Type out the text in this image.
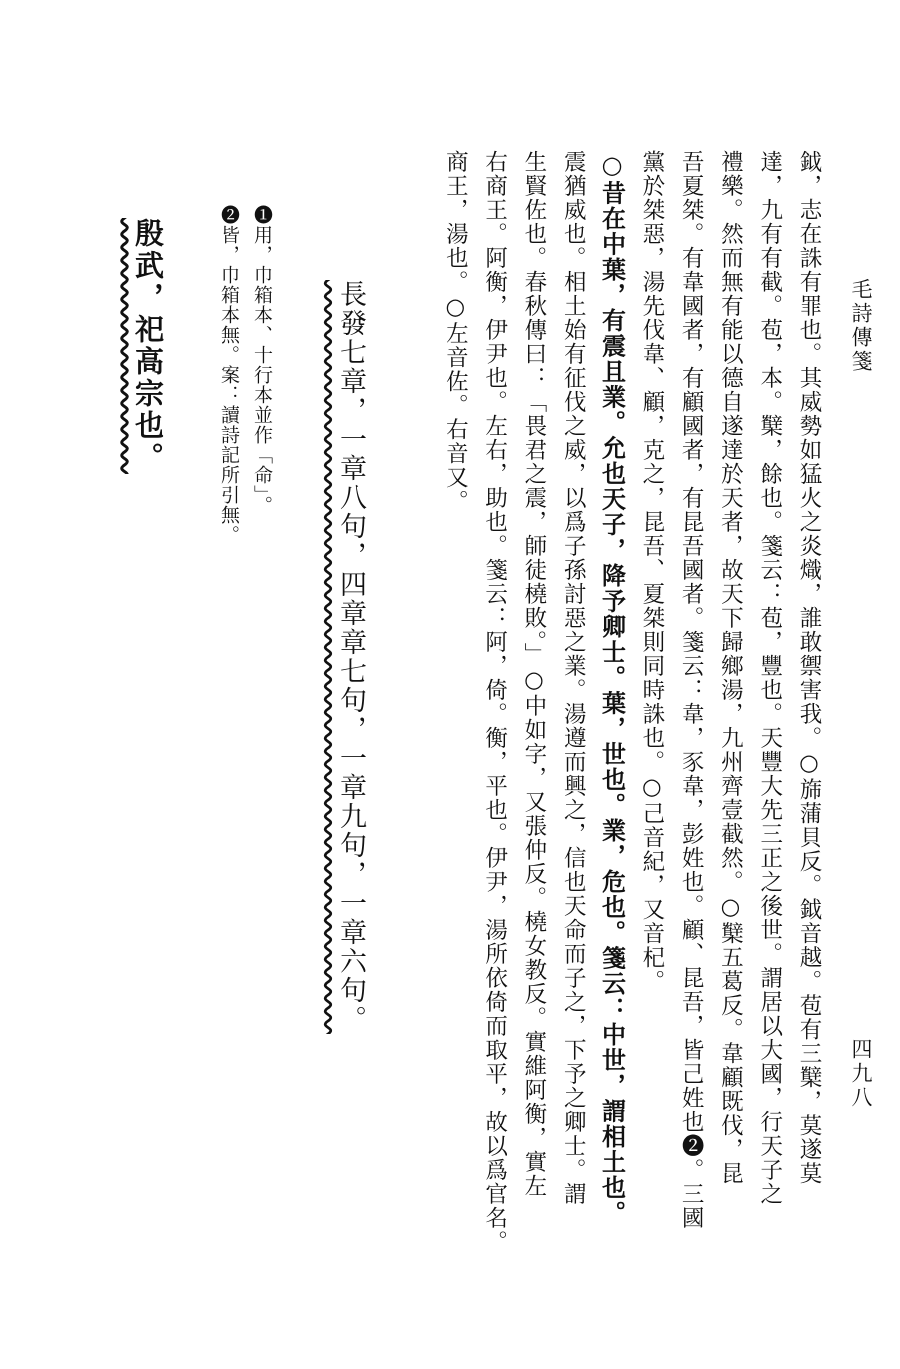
毛詩傳箋
四九八
鉞，志在誅有罪也。其威勢如猛火之炎熾，誰敢禦害我。○旆蒲貝反。鉞音越。苞有三櫱，莫遂莫
達，九有有截。苞，本。櫱，餘也。箋云：苞，豐也。天豐大先三正之後世。謂居以大國，行天子之
禮樂。然而無有能以德自遂達於天者，故天下歸鄉湯，九州齊壹截然。○櫱五葛反。韋顧既伐，昆
吾夏桀。有韋國者，有顧國者，有昆吾國者。箋云：韋，豕韋，彭姓也。顧、昆吾，皆己姓也❷。三國
黨於桀惡，湯先伐韋、顧，克之，昆吾、夏桀則同時誅也。○己音紀，又音杞。
○昔在中葉，有震且業。允也天子，降予卿士。葉，世也。業，危也。箋云：中世，謂相土也。
震猶威也。相土始有征伐之威，以爲子孫討惡之業。湯遵而興之，信也天命而子之，下予之卿士。謂
生賢佐也。春秋傳曰：「畏君之震，師徒橈敗。」○中如字，又張仲反。橈女教反。實維阿衡，實左
右商王。阿衡，伊尹也。左右，助也。箋云：阿，倚。衡，平也。伊尹，湯所依倚而取平，故以爲官名。
商王，湯也。○左音佐。右音又。
長發七章，一章八句，四章章七句，一章九句，一章六句。
❶用，巾箱本、十行本並作「命」。
❷皆，巾箱本無。案：讀詩記所引無。
殷武，祀高宗也。
